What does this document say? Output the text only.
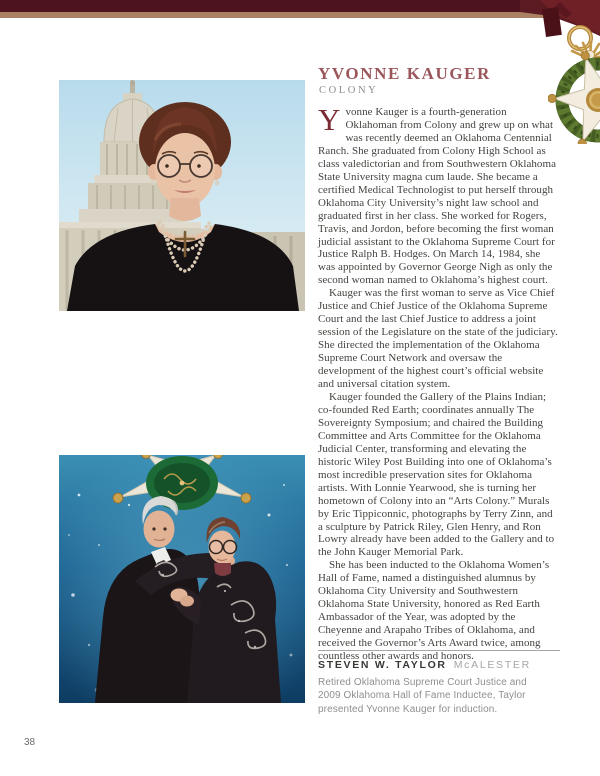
YVONNE KAUGER
COLONY

Yvonne Kauger is a fourth-generation Oklahoman from Colony and grew up on what was recently deemed an Oklahoma Centennial Ranch. She graduated from Colony High School as class valedictorian and from Southwestern Oklahoma State University magna cum laude. She became a certified Medical Technologist to put herself through Oklahoma City University’s night law school and graduated first in her class. She worked for Rogers, Travis, and Jordon, before becoming the first woman judicial assistant to the Oklahoma Supreme Court for Justice Ralph B. Hodges. On March 14, 1984, she was appointed by Governor George Nigh as only the second woman named to Oklahoma’s highest court.

Kauger was the first woman to serve as Vice Chief Justice and Chief Justice of the Oklahoma Supreme Court and the last Chief Justice to address a joint session of the Legislature on the state of the judiciary. She directed the implementation of the Oklahoma Supreme Court Network and oversaw the development of the highest court’s official website and universal citation system.

Kauger founded the Gallery of the Plains Indian; co-founded Red Earth; coordinates annually The Sovereignty Symposium; and chaired the Building Committee and Arts Committee for the Oklahoma Judicial Center, transforming and elevating the historic Wiley Post Building into one of Oklahoma’s most incredible preservation sites for Oklahoma artists. With Lonnie Yearwood, she is turning her hometown of Colony into an “Arts Colony.” Murals by Eric Tippiconnic, photographs by Terry Zinn, and a sculpture by Patrick Riley, Glen Henry, and Ron Lowry already have been added to the Gallery and to the John Kauger Memorial Park.

She has been inducted to the Oklahoma Women’s Hall of Fame, named a distinguished alumnus by Oklahoma City University and Southwestern Oklahoma State University, honored as Red Earth Ambassador of the Year, was adopted by the Cheyenne and Arapaho Tribes of Oklahoma, and received the Governor’s Arts Award twice, among countless other awards and honors.

STEVEN W. TAYLOR McALESTER

Retired Oklahoma Supreme Court Justice and 2009 Oklahoma Hall of Fame Inductee, Taylor presented Yvonne Kauger for induction.

38
